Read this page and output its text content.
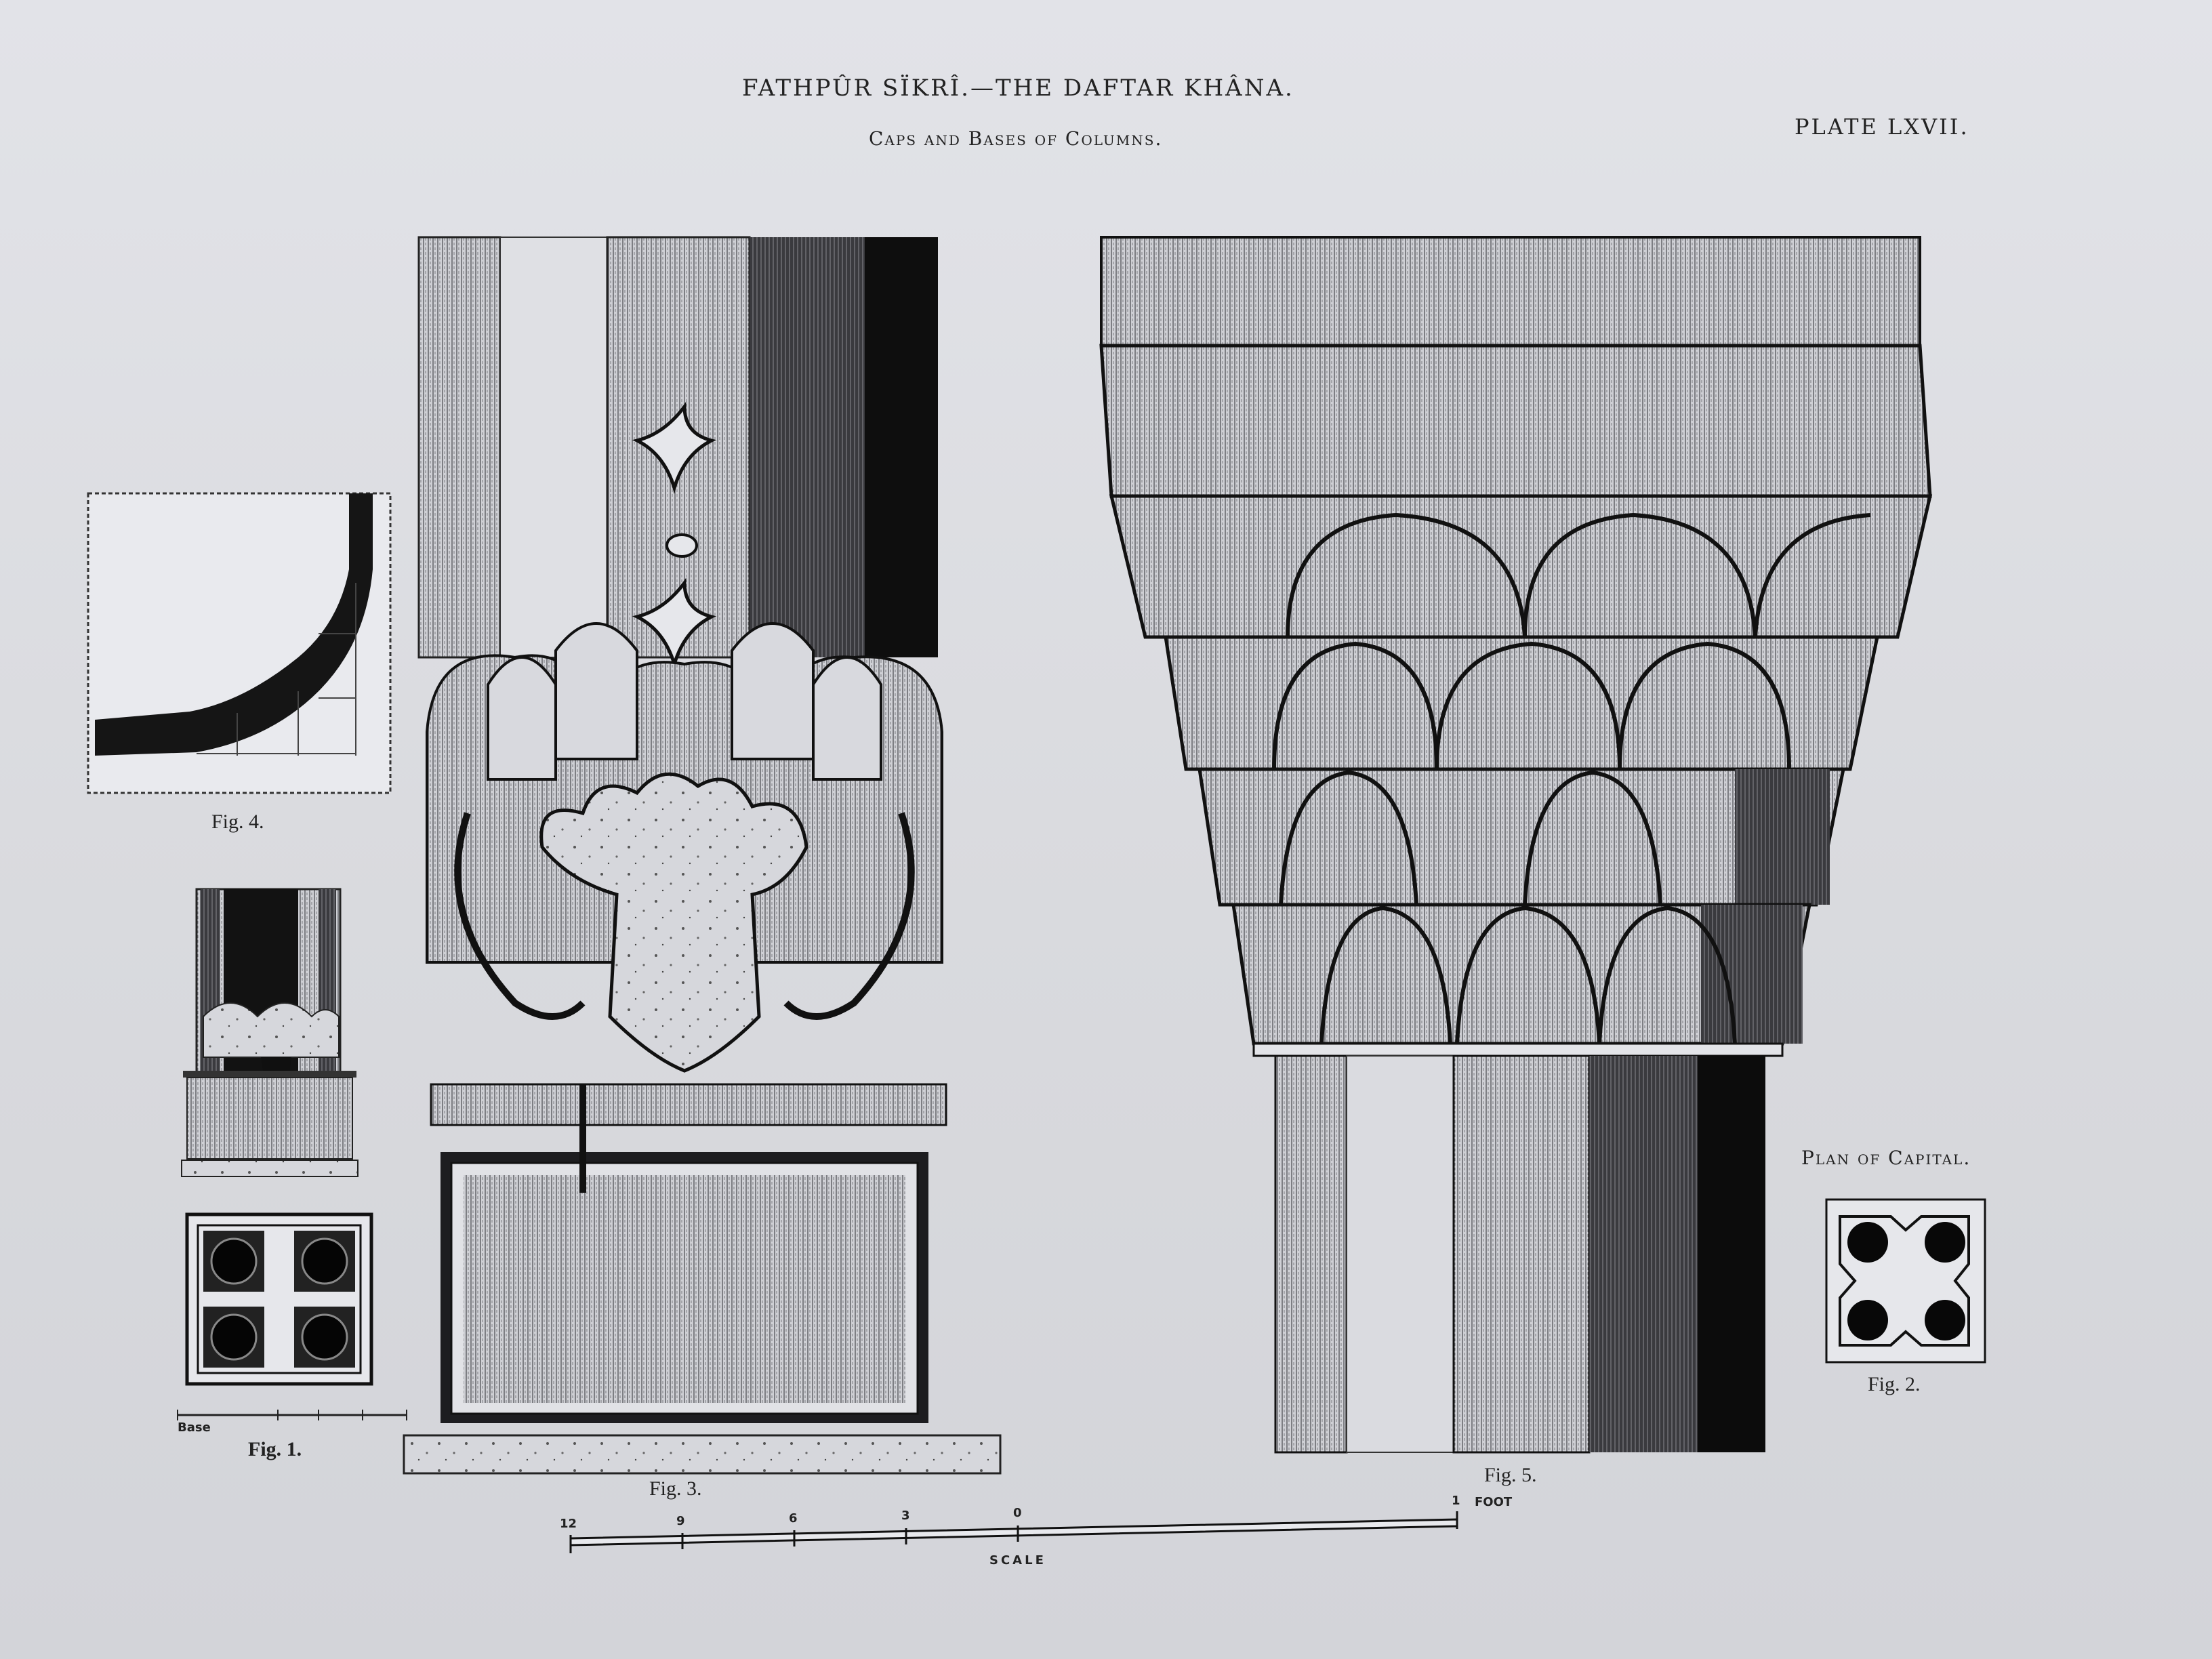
FATHPÛR SÏKRÎ.—THE DAFTAR KHÂNA.
Caps and Bases of Columns.	PLATE LXVII.
Fig. 4.
Fig. 1.
Base
Fig. 3.
Fig. 5.
Plan of Capital.
Fig. 2.
12	9	6	3	0
1 FOOT
SCALE
